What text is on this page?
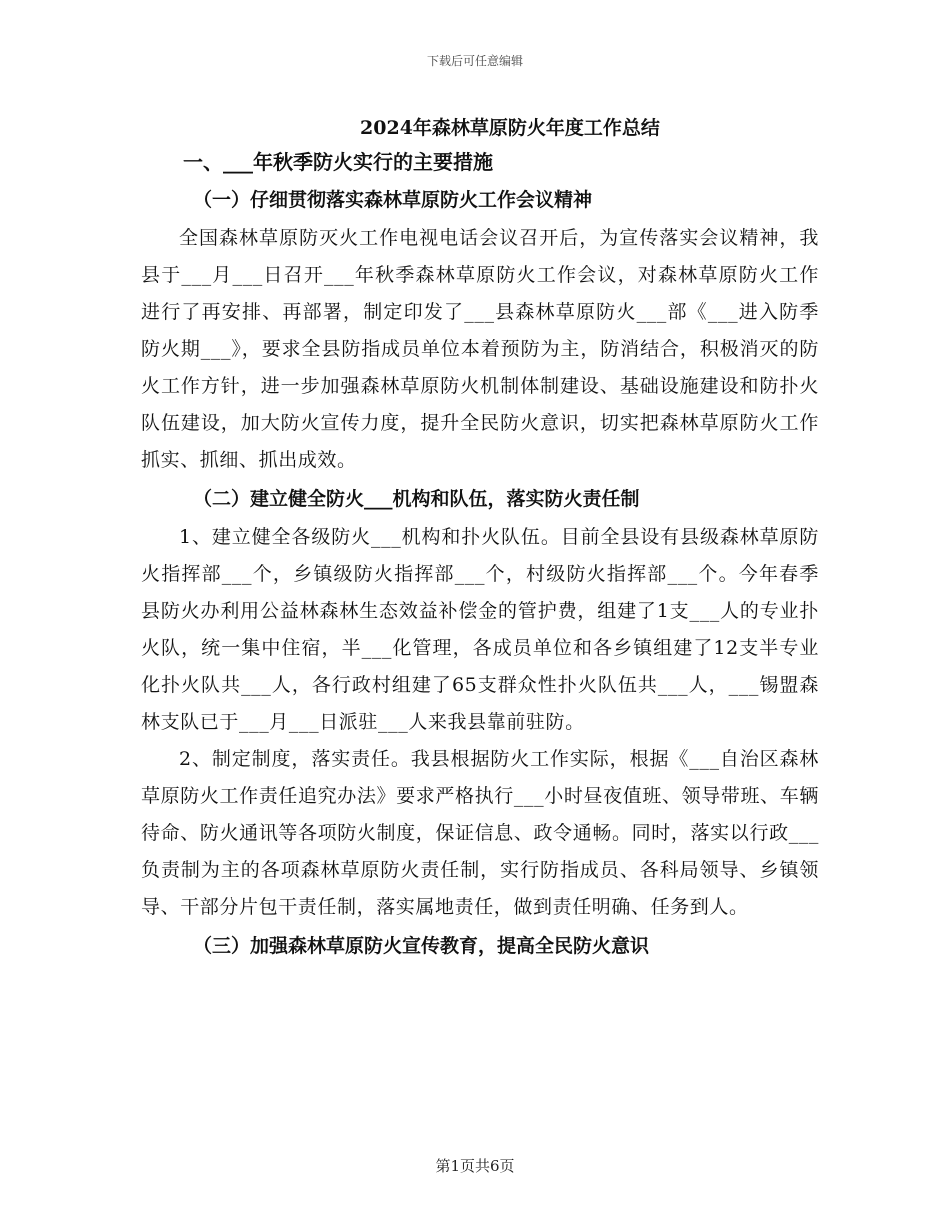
下载后可任意编辑
2024年森林草原防火年度工作总结
一、___年秋季防火实行的主要措施
（一）仔细贯彻落实森林草原防火工作会议精神

全国森林草原防灭火工作电视电话会议召开后，为宣传落实会议精神，我县于___月___日召开___年秋季森林草原防火工作会议，对森林草原防火工作进行了再安排、再部署，制定印发了___县森林草原防火___部《___进入防季防火期___》，要求全县防指成员单位本着预防为主，防消结合，积极消灭的防火工作方针，进一步加强森林草原防火机制体制建设、基础设施建设和防扑火队伍建设，加大防火宣传力度，提升全民防火意识，切实把森林草原防火工作抓实、抓细、抓出成效。

（二）建立健全防火___机构和队伍，落实防火责任制

1、建立健全各级防火___机构和扑火队伍。目前全县设有县级森林草原防火指挥部___个，乡镇级防火指挥部___个，村级防火指挥部___个。今年春季县防火办利用公益林森林生态效益补偿金的管护费，组建了1支___人的专业扑火队，统一集中住宿，半___化管理，各成员单位和各乡镇组建了12支半专业化扑火队共___人，各行政村组建了65支群众性扑火队伍共___人，___锡盟森林支队已于___月___日派驻___人来我县靠前驻防。

2、制定制度，落实责任。我县根据防火工作实际，根据《___自治区森林草原防火工作责任追究办法》要求严格执行___小时昼夜值班、领导带班、车辆待命、防火通讯等各项防火制度，保证信息、政令通畅。同时，落实以行政___负责制为主的各项森林草原防火责任制，实行防指成员、各科局领导、乡镇领导、干部分片包干责任制，落实属地责任，做到责任明确、任务到人。

（三）加强森林草原防火宣传教育，提高全民防火意识
第1页共6页
